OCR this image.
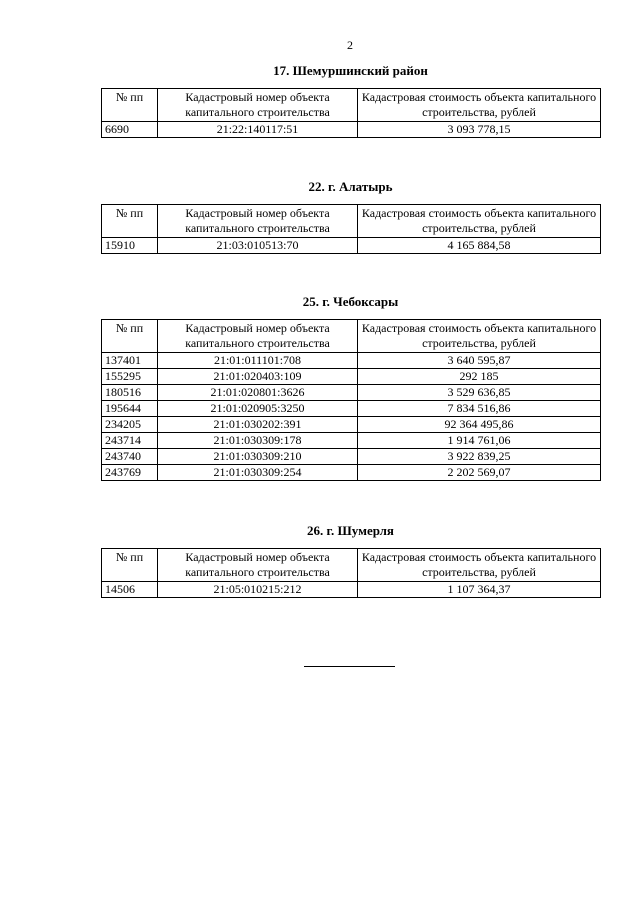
2
17. Шемуршинский район
№ пп	Кадастровый номер объекта капитального строительства	Кадастровая стоимость объекта капитального строительства, рублей
6690	21:22:140117:51	3 093 778,15
22. г. Алатырь
№ пп	Кадастровый номер объекта капитального строительства	Кадастровая стоимость объекта капитального строительства, рублей
15910	21:03:010513:70	4 165 884,58
25. г. Чебоксары
№ пп	Кадастровый номер объекта капитального строительства	Кадастровая стоимость объекта капитального строительства, рублей
137401	21:01:011101:708	3 640 595,87
155295	21:01:020403:109	292 185
180516	21:01:020801:3626	3 529 636,85
195644	21:01:020905:3250	7 834 516,86
234205	21:01:030202:391	92 364 495,86
243714	21:01:030309:178	1 914 761,06
243740	21:01:030309:210	3 922 839,25
243769	21:01:030309:254	2 202 569,07
26. г. Шумерля
№ пп	Кадастровый номер объекта капитального строительства	Кадастровая стоимость объекта капитального строительства, рублей
14506	21:05:010215:212	1 107 364,37
